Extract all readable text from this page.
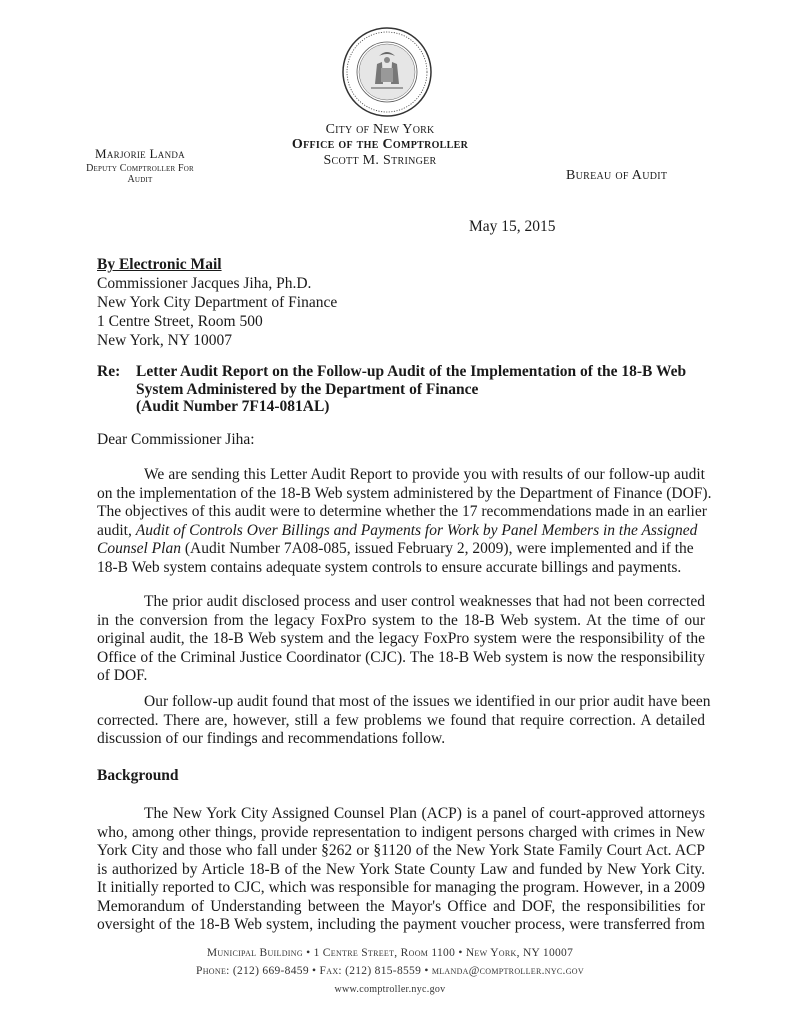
City of New York
Office of the Comptroller
Scott M. Stringer
Marjorie Landa
Deputy Comptroller For
Audit	Bureau of Audit
May 15, 2015
By Electronic Mail
Commissioner Jacques Jiha, Ph.D.
New York City Department of Finance
1 Centre Street, Room 500
New York, NY 10007
Re: Letter Audit Report on the Follow-up Audit of the Implementation of the 18-B Web
System Administered by the Department of Finance
(Audit Number 7F14-081AL)
Dear Commissioner Jiha:
We are sending this Letter Audit Report to provide you with results of our follow-up audit
on the implementation of the 18-B Web system administered by the Department of Finance (DOF).
The objectives of this audit were to determine whether the 17 recommendations made in an earlier
audit, Audit of Controls Over Billings and Payments for Work by Panel Members in the Assigned
Counsel Plan (Audit Number 7A08-085, issued February 2, 2009), were implemented and if the
18-B Web system contains adequate system controls to ensure accurate billings and payments.
The prior audit disclosed process and user control weaknesses that had not been corrected
in the conversion from the legacy FoxPro system to the 18-B Web system. At the time of our
original audit, the 18-B Web system and the legacy FoxPro system were the responsibility of the
Office of the Criminal Justice Coordinator (CJC). The 18-B Web system is now the responsibility
of DOF.
Our follow-up audit found that most of the issues we identified in our prior audit have been
corrected. There are, however, still a few problems we found that require correction. A detailed
discussion of our findings and recommendations follow.
Background
The New York City Assigned Counsel Plan (ACP) is a panel of court-approved attorneys
who, among other things, provide representation to indigent persons charged with crimes in New
York City and those who fall under §262 or §1120 of the New York State Family Court Act. ACP
is authorized by Article 18-B of the New York State County Law and funded by New York City.
It initially reported to CJC, which was responsible for managing the program. However, in a 2009
Memorandum of Understanding between the Mayor's Office and DOF, the responsibilities for
oversight of the 18-B Web system, including the payment voucher process, were transferred from
Municipal Building • 1 Centre Street, Room 1100 • New York, NY 10007
Phone: (212) 669-8459 • Fax: (212) 815-8559 • mlanda@comptroller.nyc.gov
www.comptroller.nyc.gov
